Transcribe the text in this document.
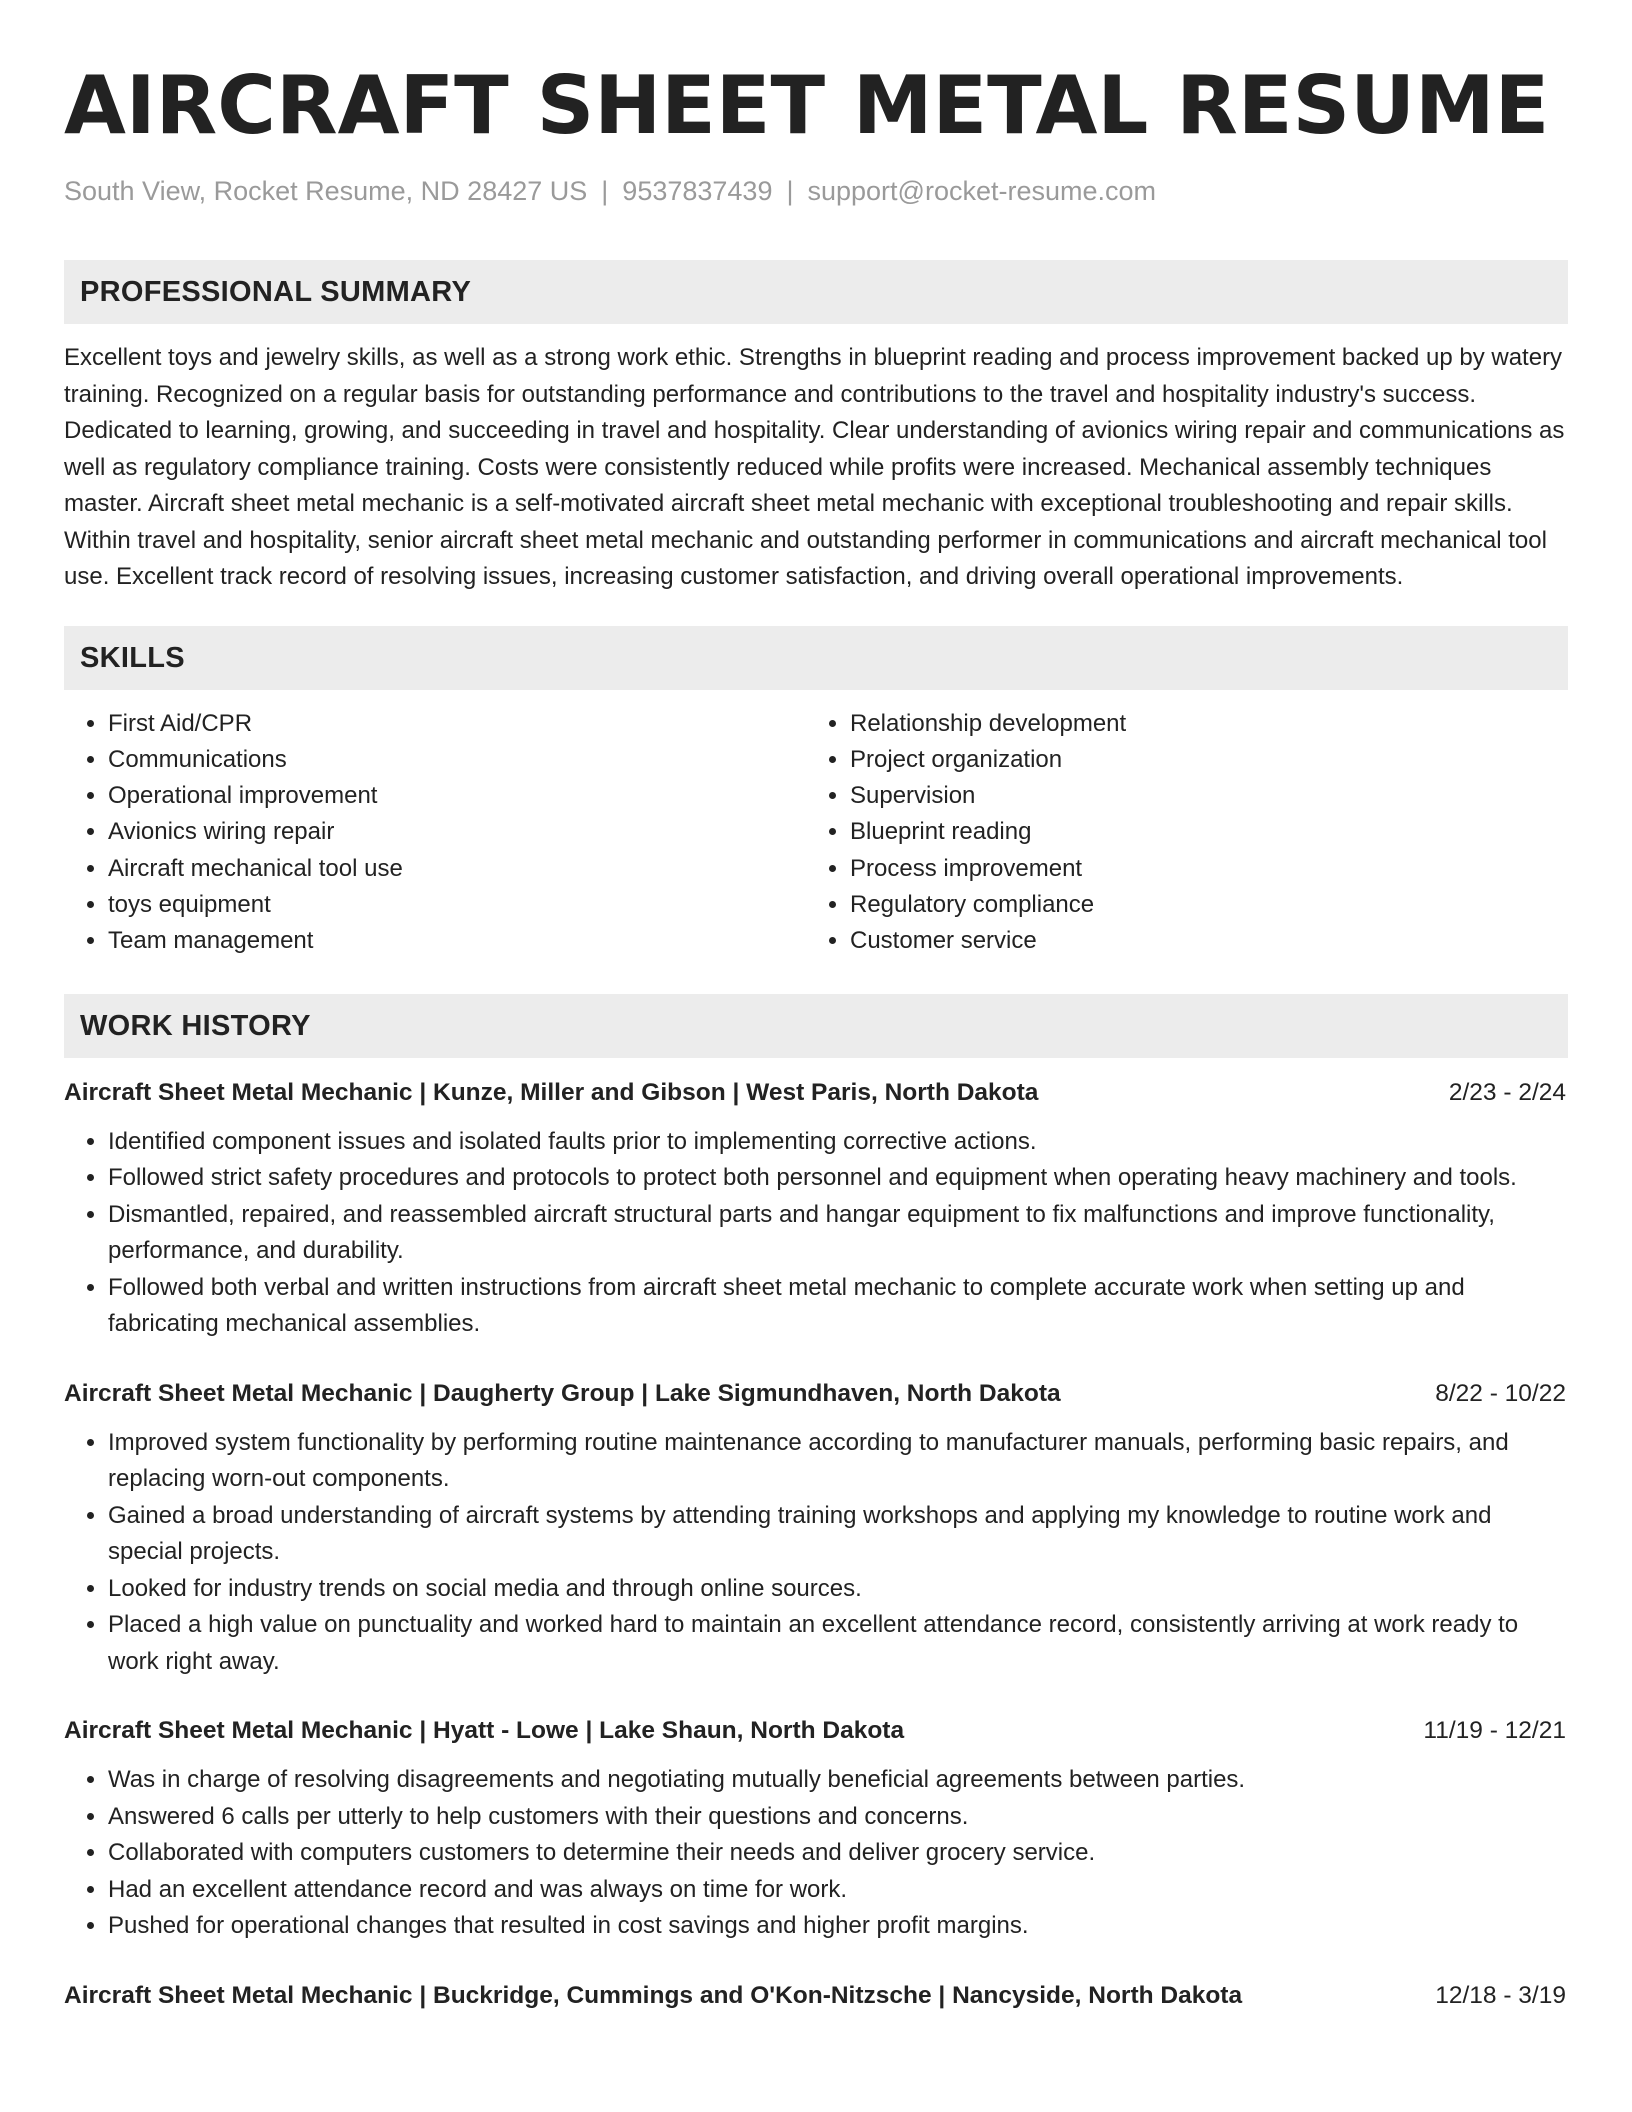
AIRCRAFT SHEET METAL RESUME
South View, Rocket Resume, ND 28427 US | 9537837439 | support@rocket-resume.com
PROFESSIONAL SUMMARY
Excellent toys and jewelry skills, as well as a strong work ethic. Strengths in blueprint reading and process improvement backed up by watery training. Recognized on a regular basis for outstanding performance and contributions to the travel and hospitality industry's success. Dedicated to learning, growing, and succeeding in travel and hospitality. Clear understanding of avionics wiring repair and communications as well as regulatory compliance training. Costs were consistently reduced while profits were increased. Mechanical assembly techniques master. Aircraft sheet metal mechanic is a self-motivated aircraft sheet metal mechanic with exceptional troubleshooting and repair skills. Within travel and hospitality, senior aircraft sheet metal mechanic and outstanding performer in communications and aircraft mechanical tool use. Excellent track record of resolving issues, increasing customer satisfaction, and driving overall operational improvements.
SKILLS
• First Aid/CPR
• Communications
• Operational improvement
• Avionics wiring repair
• Aircraft mechanical tool use
• toys equipment
• Team management
• Relationship development
• Project organization
• Supervision
• Blueprint reading
• Process improvement
• Regulatory compliance
• Customer service
WORK HISTORY
Aircraft Sheet Metal Mechanic | Kunze, Miller and Gibson | West Paris, North Dakota	2/23 - 2/24
• Identified component issues and isolated faults prior to implementing corrective actions.
• Followed strict safety procedures and protocols to protect both personnel and equipment when operating heavy machinery and tools.
• Dismantled, repaired, and reassembled aircraft structural parts and hangar equipment to fix malfunctions and improve functionality, performance, and durability.
• Followed both verbal and written instructions from aircraft sheet metal mechanic to complete accurate work when setting up and fabricating mechanical assemblies.
Aircraft Sheet Metal Mechanic | Daugherty Group | Lake Sigmundhaven, North Dakota	8/22 - 10/22
• Improved system functionality by performing routine maintenance according to manufacturer manuals, performing basic repairs, and replacing worn-out components.
• Gained a broad understanding of aircraft systems by attending training workshops and applying my knowledge to routine work and special projects.
• Looked for industry trends on social media and through online sources.
• Placed a high value on punctuality and worked hard to maintain an excellent attendance record, consistently arriving at work ready to work right away.
Aircraft Sheet Metal Mechanic | Hyatt - Lowe | Lake Shaun, North Dakota	11/19 - 12/21
• Was in charge of resolving disagreements and negotiating mutually beneficial agreements between parties.
• Answered 6 calls per utterly to help customers with their questions and concerns.
• Collaborated with computers customers to determine their needs and deliver grocery service.
• Had an excellent attendance record and was always on time for work.
• Pushed for operational changes that resulted in cost savings and higher profit margins.
Aircraft Sheet Metal Mechanic | Buckridge, Cummings and O'Kon-Nitzsche | Nancyside, North Dakota	12/18 - 3/19
